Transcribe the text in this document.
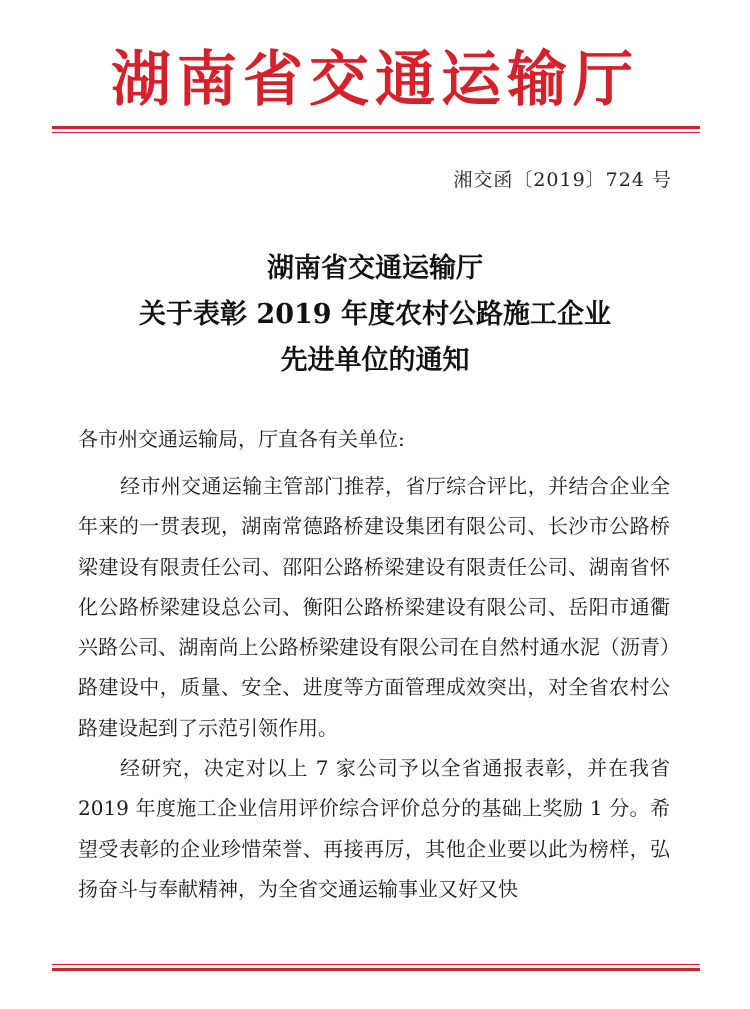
湖南省交通运输厅
湘交函〔2019〕724 号
湖南省交通运输厅
关于表彰 2019 年度农村公路施工企业
先进单位的通知
各市州交通运输局，厅直各有关单位:

经市州交通运输主管部门推荐，省厅综合评比，并结合企业全年来的一贯表现，湖南常德路桥建设集团有限公司、长沙市公路桥梁建设有限责任公司、邵阳公路桥梁建设有限责任公司、湖南省怀化公路桥梁建设总公司、衡阳公路桥梁建设有限公司、岳阳市通衢兴路公司、湖南尚上公路桥梁建设有限公司在自然村通水泥（沥青）路建设中，质量、安全、进度等方面管理成效突出，对全省农村公路建设起到了示范引领作用。

经研究，决定对以上 7 家公司予以全省通报表彰，并在我省 2019 年度施工企业信用评价综合评价总分的基础上奖励 1 分。希望受表彰的企业珍惜荣誉、再接再厉，其他企业要以此为榜样，弘扬奋斗与奉献精神，为全省交通运输事业又好又快
